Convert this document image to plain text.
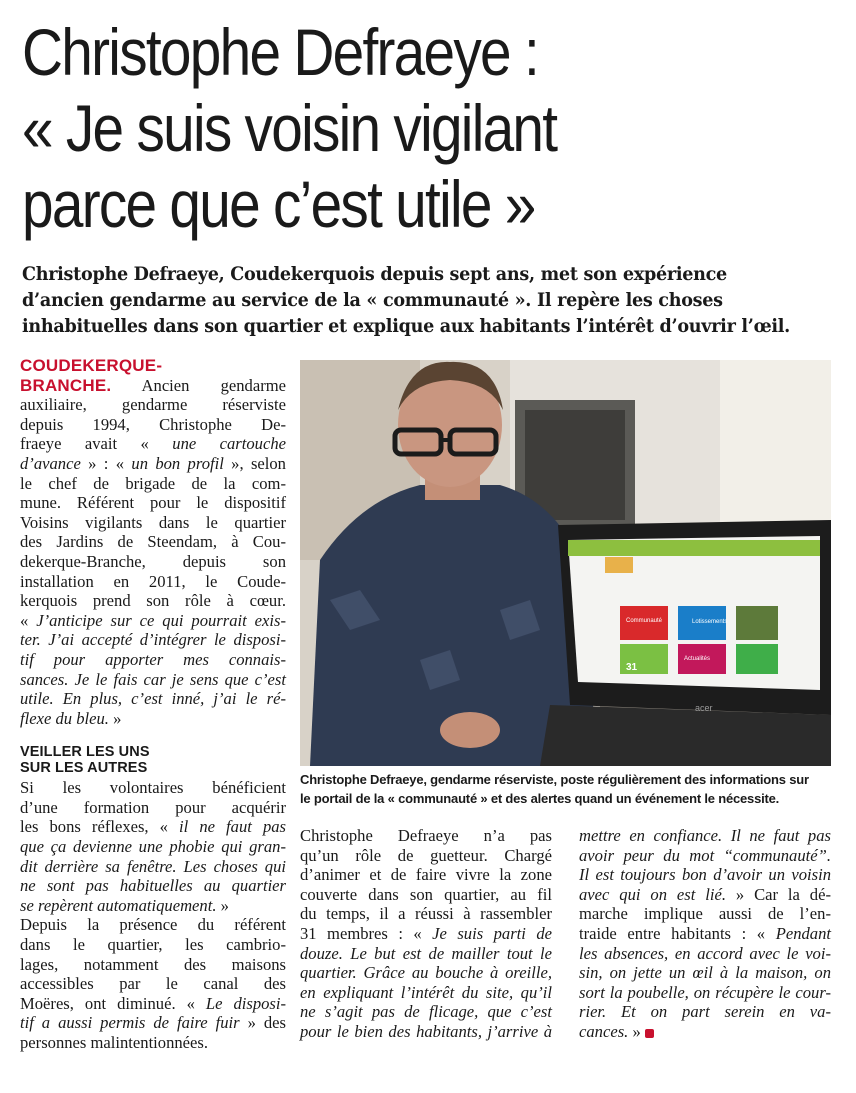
Christophe Defraeye :
« Je suis voisin vigilant
parce que c’est utile »
Christophe Defraeye, Coudekerquois depuis sept ans, met son expérience
d’ancien gendarme au service de la « communauté ». Il repère les choses
inhabituelles dans son quartier et explique aux habitants l’intérêt d’ouvrir l’œil.
COUDEKERQUE-
BRANCHE. Ancien gendarme
auxiliaire, gendarme réserviste
depuis 1994, Christophe De-
fraeye avait « une cartouche
d’avance » : « un bon profil », selon
le chef de brigade de la com-
mune. Référent pour le dispositif
Voisins vigilants dans le quartier
des Jardins de Steendam, à Cou-
dekerque-Branche, depuis son
installation en 2011, le Coude-
kerquois prend son rôle à cœur.
« J’anticipe sur ce qui pourrait exis-
ter. J’ai accepté d’intégrer le disposi-
tif pour apporter mes connais-
sances. Je le fais car je sens que c’est
utile. En plus, c’est inné, j’ai le ré-
flexe du bleu. »
VEILLER LES UNS
SUR LES AUTRES
Si les volontaires bénéficient
d’une formation pour acquérir
les bons réflexes, « il ne faut pas
que ça devienne une phobie qui gran-
dit derrière sa fenêtre. Les choses qui
ne sont pas habituelles au quartier
se repèrent automatiquement. »
Depuis la présence du référent
dans le quartier, les cambrio-
lages, notamment des maisons
accessibles par le canal des
Moëres, ont diminué. « Le disposi-
tif a aussi permis de faire fuir » des
personnes malintentionnées.
acer
Lotissements
Communauté
Actualités
31
Christophe Defraeye, gendarme réserviste, poste régulièrement des informations sur
le portail de la « communauté » et des alertes quand un événement le nécessite.
Christophe Defraeye n’a pas
qu’un rôle de guetteur. Chargé
d’animer et de faire vivre la zone
couverte dans son quartier, au fil
du temps, il a réussi à rassembler
31 membres : « Je suis parti de
douze. Le but est de mailler tout le
quartier. Grâce au bouche à oreille,
en expliquant l’intérêt du site, qu’il
ne s’agit pas de flicage, que c’est
pour le bien des habitants, j’arrive à
mettre en confiance. Il ne faut pas
avoir peur du mot “communauté”.
Il est toujours bon d’avoir un voisin
avec qui on est lié. » Car la dé-
marche implique aussi de l’en-
traide entre habitants : « Pendant
les absences, en accord avec le voi-
sin, on jette un œil à la maison, on
sort la poubelle, on récupère le cour-
rier. Et on part serein en va-
cances. »
